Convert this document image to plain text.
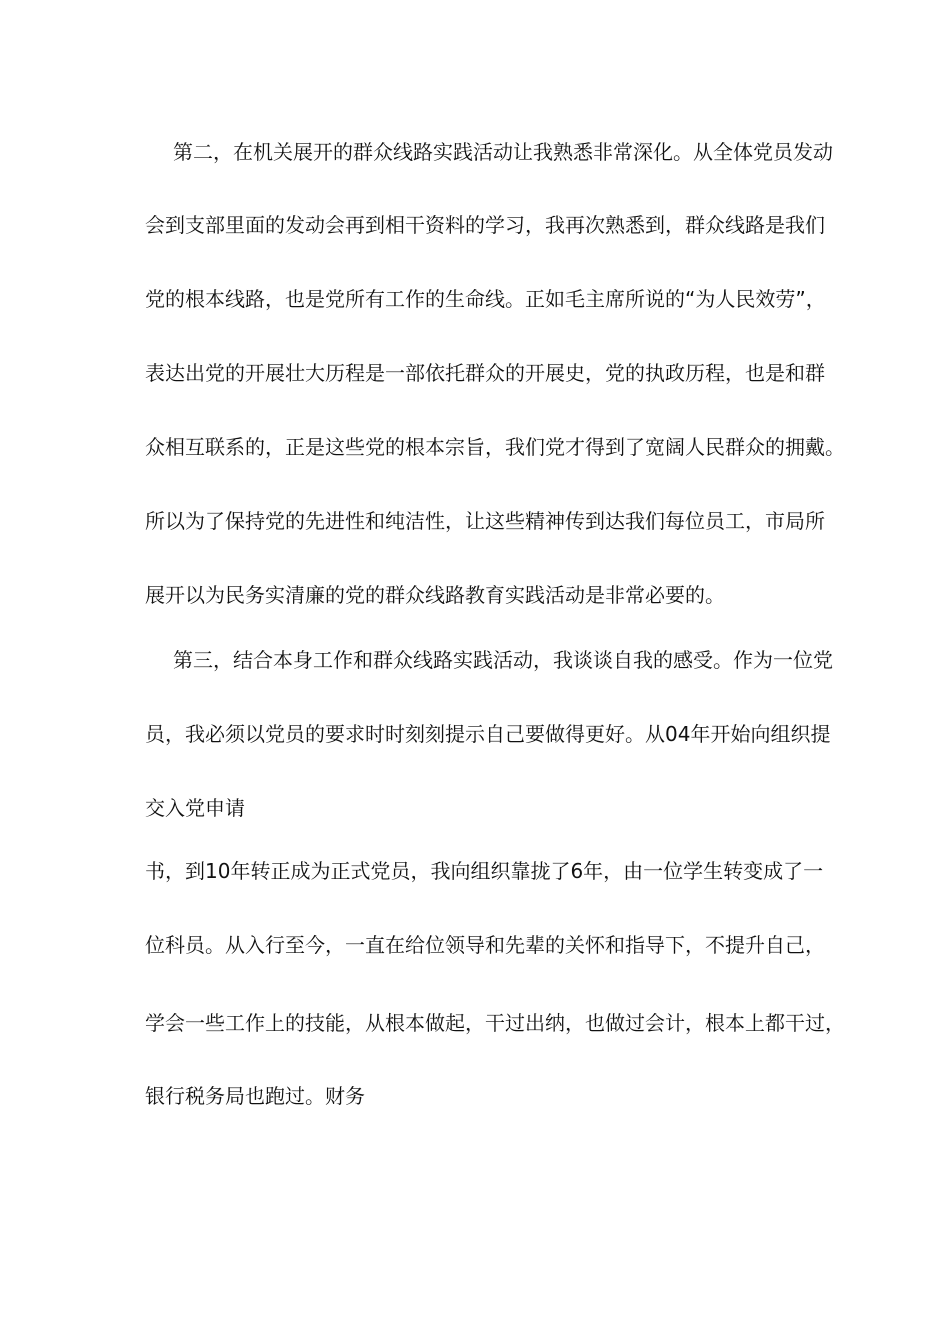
第二，在机关展开的群众线路实践活动让我熟悉非常深化。从全体党员发动
会到支部里面的发动会再到相干资料的学习，我再次熟悉到，群众线路是我们
党的根本线路，也是党所有工作的生命线。正如毛主席所说的“为人民效劳”，
表达出党的开展壮大历程是一部依托群众的开展史，党的执政历程，也是和群
众相互联系的，正是这些党的根本宗旨，我们党才得到了宽阔人民群众的拥戴。
所以为了保持党的先进性和纯洁性，让这些精神传到达我们每位员工，市局所
展开以为民务实清廉的党的群众线路教育实践活动是非常必要的。
第三，结合本身工作和群众线路实践活动，我谈谈自我的感受。作为一位党
员，我必须以党员的要求时时刻刻提示自己要做得更好。从04年开始向组织提
交入党申请
书，到10年转正成为正式党员，我向组织靠拢了6年，由一位学生转变成了一
位科员。从入行至今，一直在给位领导和先辈的关怀和指导下，不提升自己，
学会一些工作上的技能，从根本做起，干过出纳，也做过会计，根本上都干过，
银行税务局也跑过。财务
